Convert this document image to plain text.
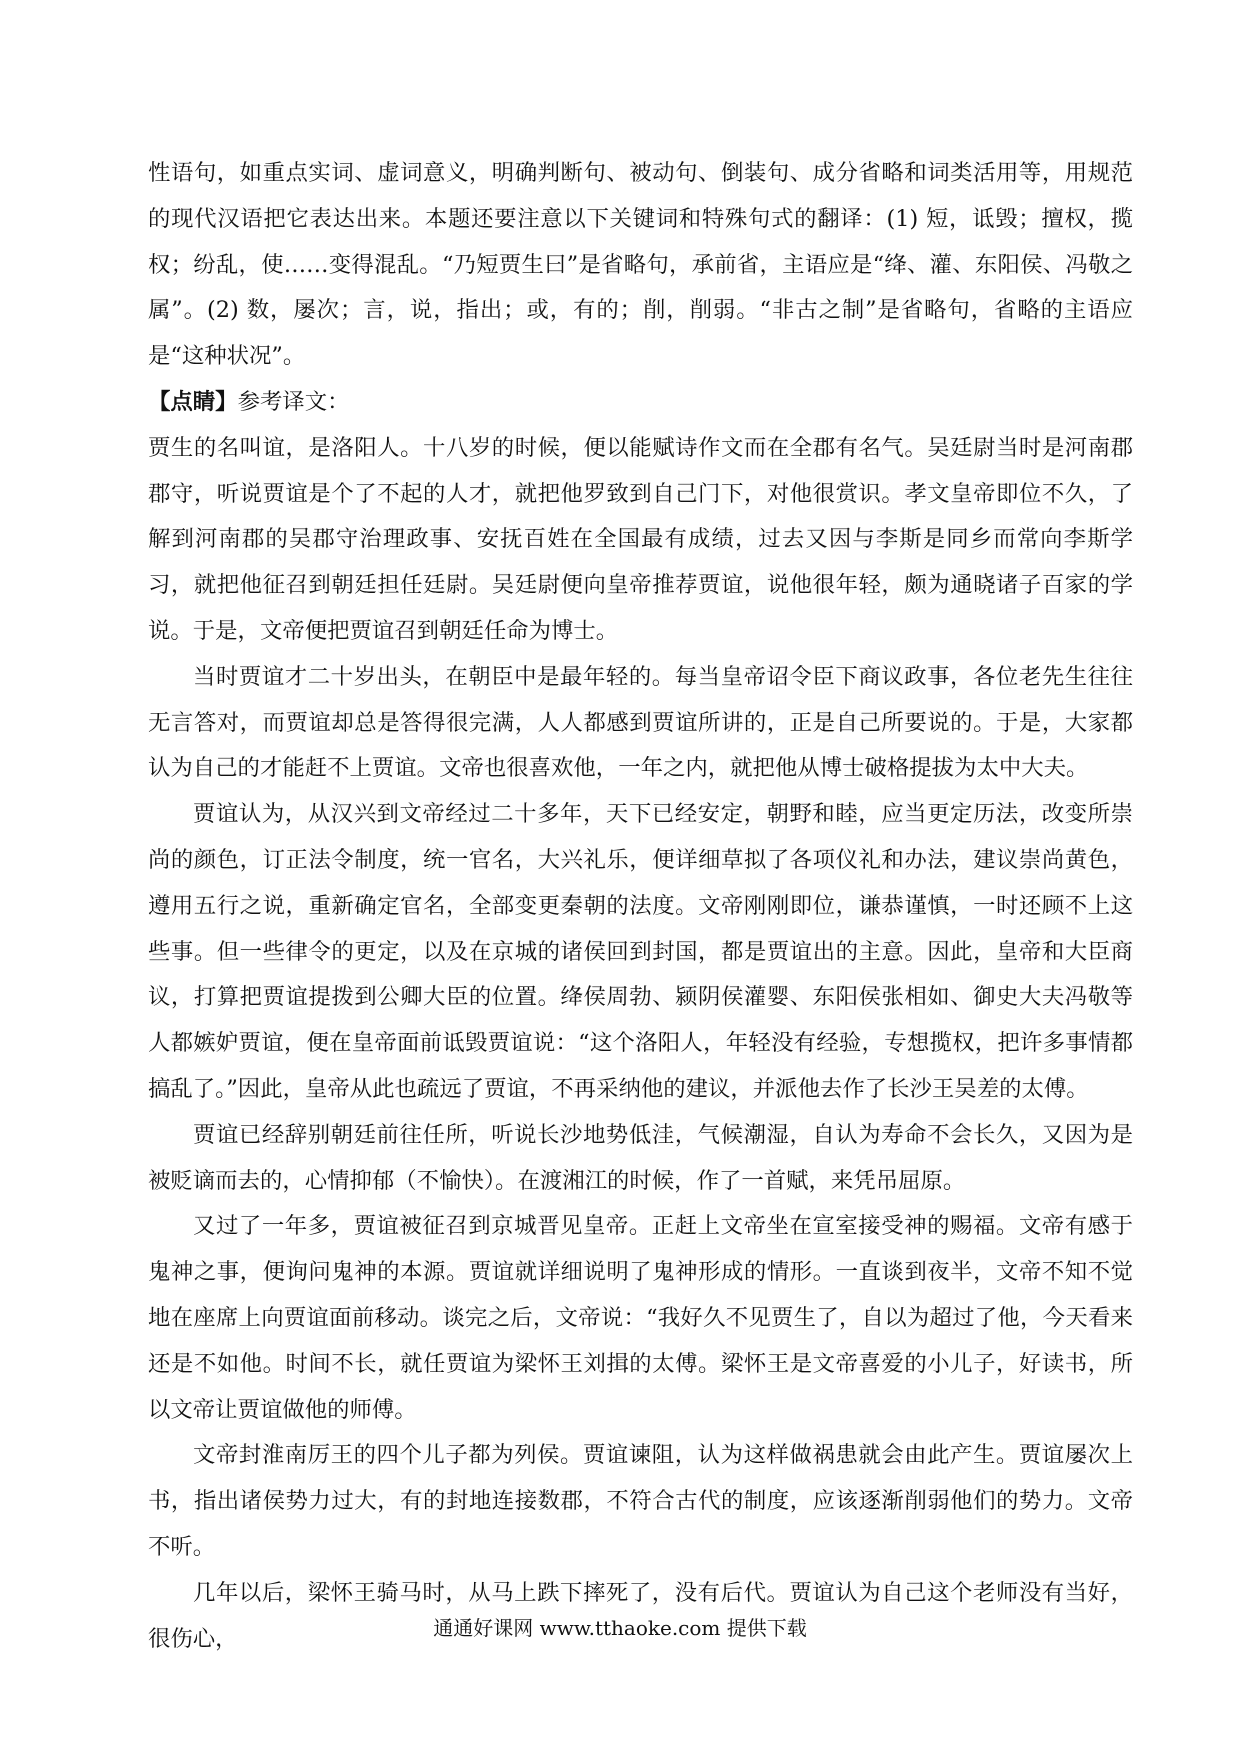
性语句，如重点实词、虚词意义，明确判断句、被动句、倒装句、成分省略和词类活用等，用规范的现代汉语把它表达出来。本题还要注意以下关键词和特殊句式的翻译：(1) 短，诋毁；擅权，揽权；纷乱，使……变得混乱。“乃短贾生曰”是省略句，承前省，主语应是“绛、灌、东阳侯、冯敬之属”。(2) 数，屡次；言，说，指出；或，有的；削，削弱。“非古之制”是省略句，省略的主语应是“这种状况”。

【点睛】参考译文：

贾生的名叫谊，是洛阳人。十八岁的时候，便以能赋诗作文而在全郡有名气。吴廷尉当时是河南郡郡守，听说贾谊是个了不起的人才，就把他罗致到自己门下，对他很赏识。孝文皇帝即位不久，了解到河南郡的吴郡守治理政事、安抚百姓在全国最有成绩，过去又因与李斯是同乡而常向李斯学习，就把他征召到朝廷担任廷尉。吴廷尉便向皇帝推荐贾谊，说他很年轻，颇为通晓诸子百家的学说。于是，文帝便把贾谊召到朝廷任命为博士。

当时贾谊才二十岁出头，在朝臣中是最年轻的。每当皇帝诏令臣下商议政事，各位老先生往往无言答对，而贾谊却总是答得很完满，人人都感到贾谊所讲的，正是自己所要说的。于是，大家都认为自己的才能赶不上贾谊。文帝也很喜欢他，一年之内，就把他从博士破格提拔为太中大夫。

贾谊认为，从汉兴到文帝经过二十多年，天下已经安定，朝野和睦，应当更定历法，改变所崇尚的颜色，订正法令制度，统一官名，大兴礼乐，便详细草拟了各项仪礼和办法，建议崇尚黄色，遵用五行之说，重新确定官名，全部变更秦朝的法度。文帝刚刚即位，谦恭谨慎，一时还顾不上这些事。但一些律令的更定，以及在京城的诸侯回到封国，都是贾谊出的主意。因此，皇帝和大臣商议，打算把贾谊提拨到公卿大臣的位置。绛侯周勃、颍阴侯灌婴、东阳侯张相如、御史大夫冯敬等人都嫉妒贾谊，便在皇帝面前诋毁贾谊说：“这个洛阳人，年轻没有经验，专想揽权，把许多事情都搞乱了。”因此，皇帝从此也疏远了贾谊，不再采纳他的建议，并派他去作了长沙王吴差的太傅。

贾谊已经辞别朝廷前往任所，听说长沙地势低洼，气候潮湿，自认为寿命不会长久，又因为是被贬谪而去的，心情抑郁（不愉快）。在渡湘江的时候，作了一首赋，来凭吊屈原。

又过了一年多，贾谊被征召到京城晋见皇帝。正赶上文帝坐在宣室接受神的赐福。文帝有感于鬼神之事，便询问鬼神的本源。贾谊就详细说明了鬼神形成的情形。一直谈到夜半，文帝不知不觉地在座席上向贾谊面前移动。谈完之后，文帝说：“我好久不见贾生了，自以为超过了他，今天看来还是不如他。时间不长，就任贾谊为梁怀王刘揖的太傅。梁怀王是文帝喜爱的小儿子，好读书，所以文帝让贾谊做他的师傅。

文帝封淮南厉王的四个儿子都为列侯。贾谊谏阻，认为这样做祸患就会由此产生。贾谊屡次上书，指出诸侯势力过大，有的封地连接数郡，不符合古代的制度，应该逐渐削弱他们的势力。文帝不听。

几年以后，梁怀王骑马时，从马上跌下摔死了，没有后代。贾谊认为自己这个老师没有当好，很伤心，	通通好课网 www.tthaoke.com 提供下载
